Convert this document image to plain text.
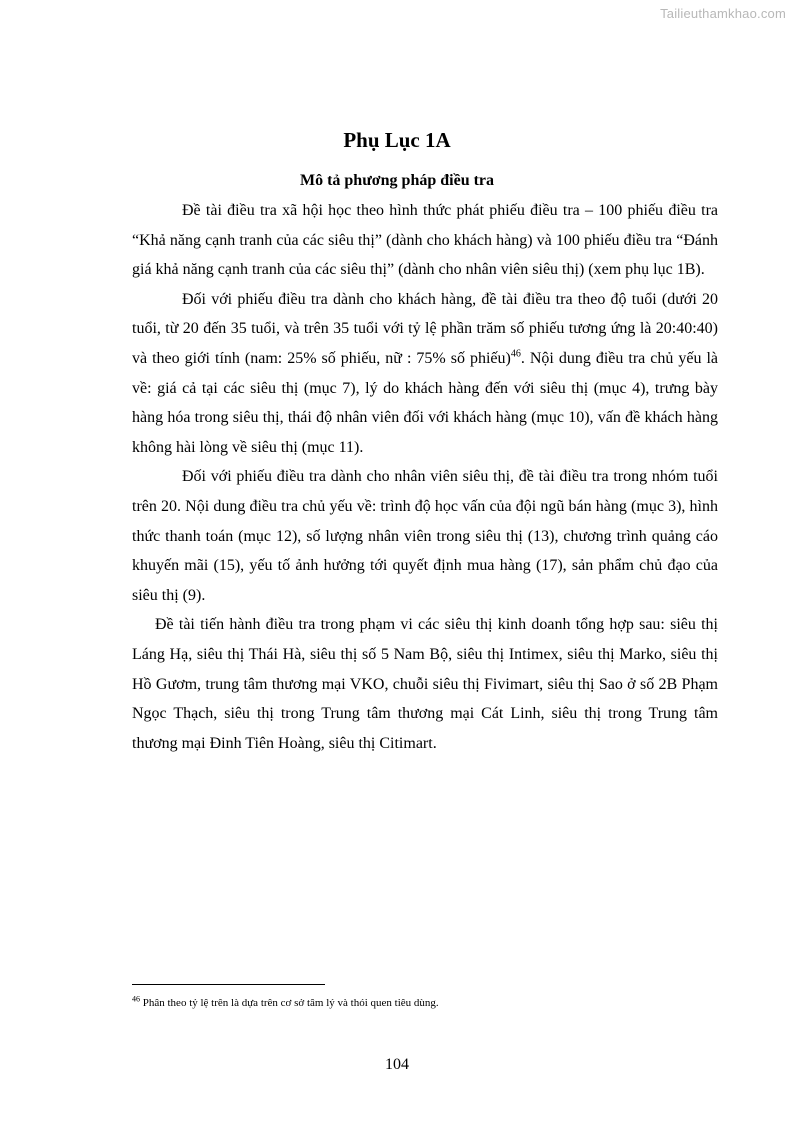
Tailieuthamkhao.com
Phụ Lục 1A
Mô tả phương pháp điều tra

Đề tài điều tra xã hội học theo hình thức phát phiếu điều tra – 100 phiếu điều tra “Khả năng cạnh tranh của các siêu thị” (dành cho khách hàng) và 100 phiếu điều tra “Đánh giá khả năng cạnh tranh của các siêu thị” (dành cho nhân viên siêu thị) (xem phụ lục 1B).

Đối với phiếu điều tra dành cho khách hàng, đề tài điều tra theo độ tuổi (dưới 20 tuổi, từ 20 đến 35 tuổi, và trên 35 tuổi với tỷ lệ phần trăm số phiếu tương ứng là 20:40:40) và theo giới tính (nam: 25% số phiếu, nữ : 75% số phiếu)$^{46}$. Nội dung điều tra chủ yếu là về: giá cả tại các siêu thị (mục 7), lý do khách hàng đến với siêu thị (mục 4), trưng bày hàng hóa trong siêu thị, thái độ nhân viên đối với khách hàng (mục 10), vấn đề khách hàng không hài lòng về siêu thị (mục 11).

Đối với phiếu điều tra dành cho nhân viên siêu thị, đề tài điều tra trong nhóm tuổi trên 20. Nội dung điều tra chủ yếu về: trình độ học vấn của đội ngũ bán hàng (mục 3), hình thức thanh toán (mục 12), số lượng nhân viên trong siêu thị (13), chương trình quảng cáo khuyến mãi (15), yếu tố ảnh hưởng tới quyết định mua hàng (17), sản phẩm chủ đạo của siêu thị (9).

Đề tài tiến hành điều tra trong phạm vi các siêu thị kinh doanh tổng hợp sau: siêu thị Láng Hạ, siêu thị Thái Hà, siêu thị số 5 Nam Bộ, siêu thị Intimex, siêu thị Marko, siêu thị Hồ Gươm, trung tâm thương mại VKO, chuỗi siêu thị Fivimart, siêu thị Sao ở số 2B Phạm Ngọc Thạch, siêu thị trong Trung tâm thương mại Cát Linh, siêu thị trong Trung tâm thương mại Đinh Tiên Hoàng, siêu thị Citimart.

$^{46}$ Phân theo tỷ lệ trên là dựa trên cơ sở tâm lý và thói quen tiêu dùng.
104
